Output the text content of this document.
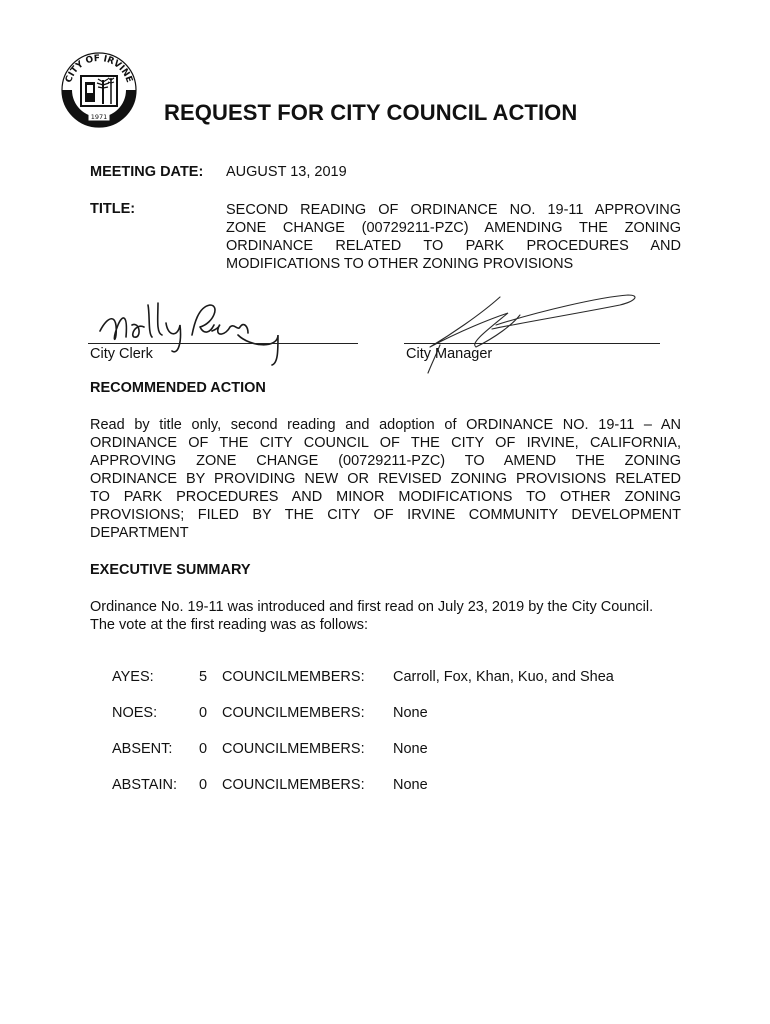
CITY OF IRVINE
1971	REQUEST FOR CITY COUNCIL ACTION
MEETING DATE: AUGUST 13, 2019
TITLE:	SECOND READING OF ORDINANCE NO. 19-11 APPROVING
ZONE CHANGE (00729211-PZC) AMENDING THE ZONING
ORDINANCE RELATED TO PARK PROCEDURES AND
MODIFICATIONS TO OTHER ZONING PROVISIONS
City Clerk	City Manager
RECOMMENDED ACTION
Read by title only, second reading and adoption of ORDINANCE NO. 19-11 – AN
ORDINANCE OF THE CITY COUNCIL OF THE CITY OF IRVINE, CALIFORNIA,
APPROVING ZONE CHANGE (00729211-PZC) TO AMEND THE ZONING
ORDINANCE BY PROVIDING NEW OR REVISED ZONING PROVISIONS RELATED
TO PARK PROCEDURES AND MINOR MODIFICATIONS TO OTHER ZONING
PROVISIONS; FILED BY THE CITY OF IRVINE COMMUNITY DEVELOPMENT
DEPARTMENT
EXECUTIVE SUMMARY
Ordinance No. 19-11 was introduced and first read on July 23, 2019 by the City Council.
The vote at the first reading was as follows:
AYES:	5 COUNCILMEMBERS: Carroll, Fox, Khan, Kuo, and Shea
NOES:	0 COUNCILMEMBERS: None
ABSENT: 0 COUNCILMEMBERS: None
ABSTAIN: 0 COUNCILMEMBERS: None
